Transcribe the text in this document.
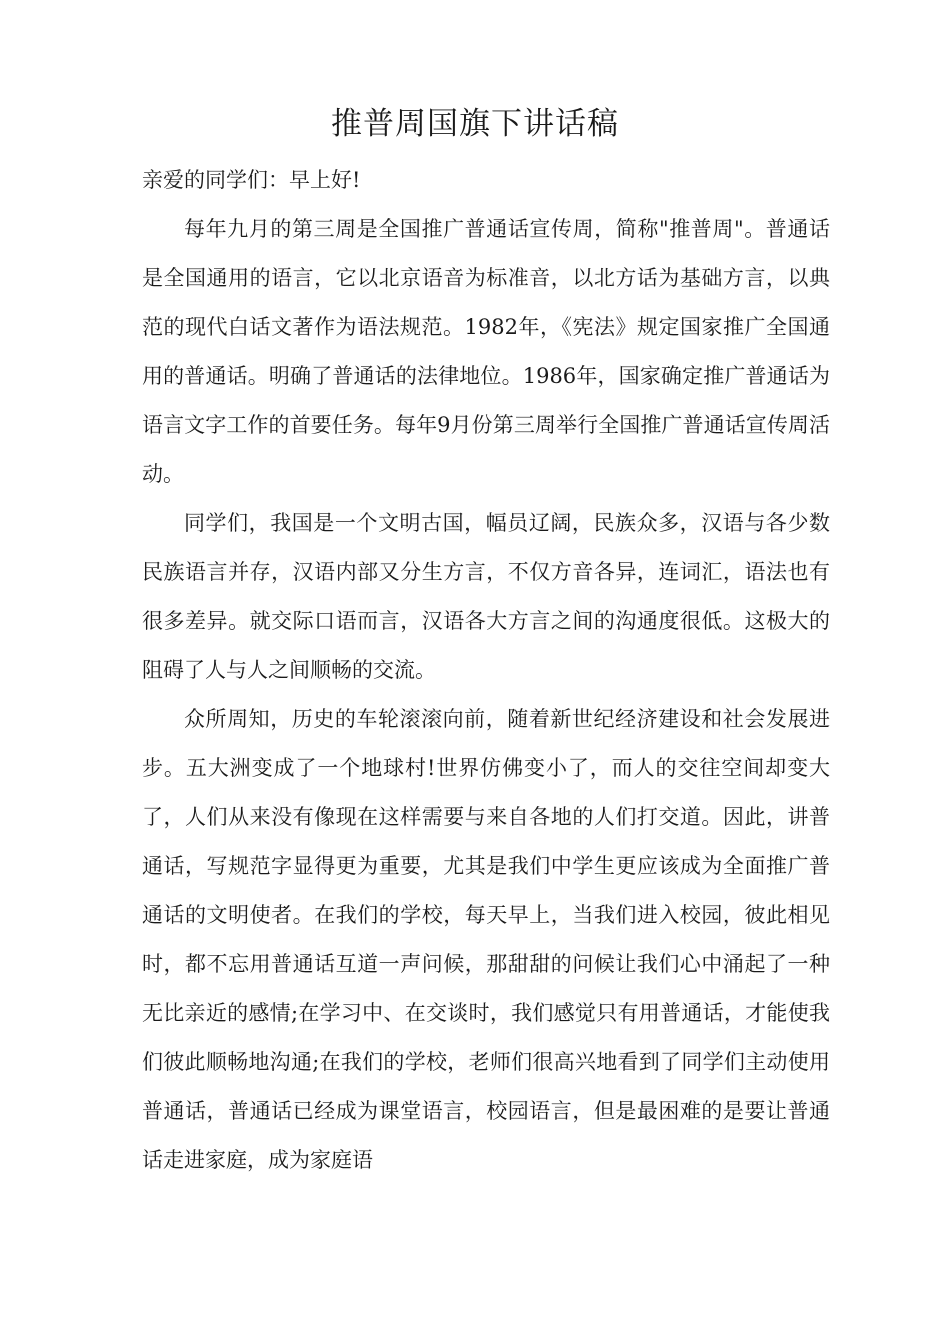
推普周国旗下讲话稿

亲爱的同学们：早上好!

每年九月的第三周是全国推广普通话宣传周，简称"推普周"。普通话是全国通用的语言，它以北京语音为标准音，以北方话为基础方言，以典范的现代白话文著作为语法规范。1982年，《宪法》规定国家推广全国通用的普通话。明确了普通话的法律地位。1986年，国家确定推广普通话为语言文字工作的首要任务。每年9月份第三周举行全国推广普通话宣传周活动。

同学们，我国是一个文明古国，幅员辽阔，民族众多，汉语与各少数民族语言并存，汉语内部又分生方言，不仅方音各异，连词汇，语法也有很多差异。就交际口语而言，汉语各大方言之间的沟通度很低。这极大的阻碍了人与人之间顺畅的交流。

众所周知，历史的车轮滚滚向前，随着新世纪经济建设和社会发展进步。五大洲变成了一个地球村!世界仿佛变小了，而人的交往空间却变大了，人们从来没有像现在这样需要与来自各地的人们打交道。因此，讲普通话，写规范字显得更为重要，尤其是我们中学生更应该成为全面推广普通话的文明使者。在我们的学校，每天早上，当我们进入校园，彼此相见时，都不忘用普通话互道一声问候，那甜甜的问候让我们心中涌起了一种无比亲近的感情;在学习中、在交谈时，我们感觉只有用普通话，才能使我们彼此顺畅地沟通;在我们的学校，老师们很高兴地看到了同学们主动使用普通话，普通话已经成为课堂语言，校园语言，但是最困难的是要让普通话走进家庭，成为家庭语
